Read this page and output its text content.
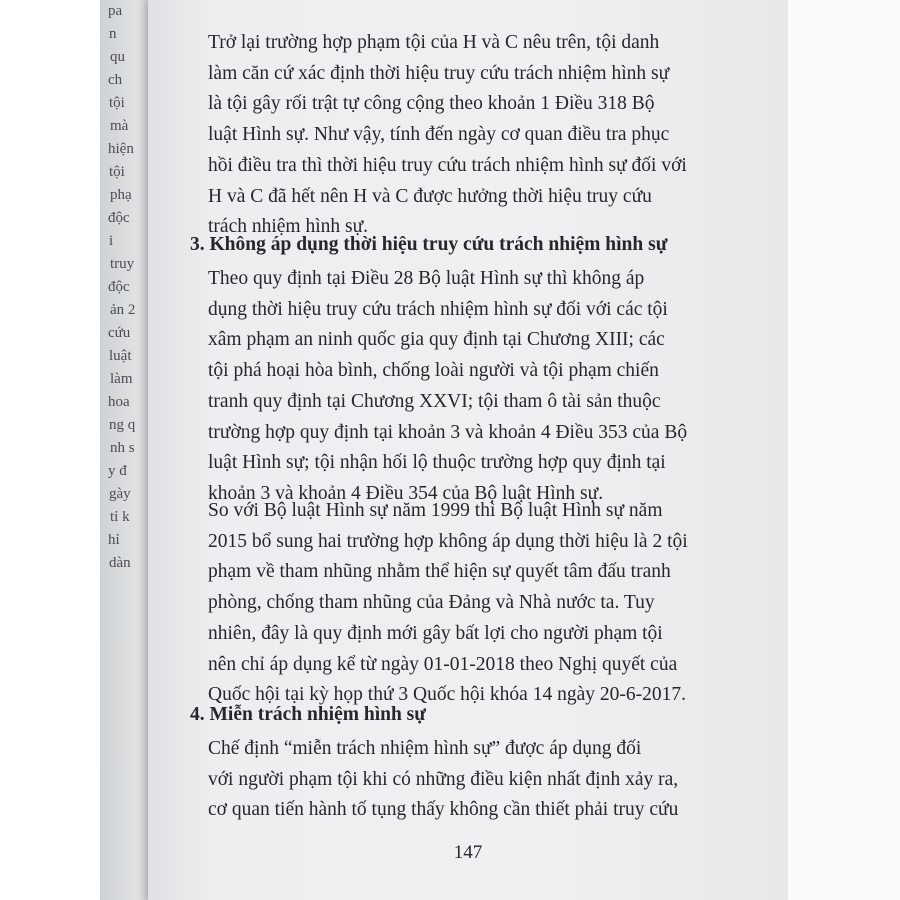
pa
n
qu
ch
tội
mà
hiện
tội
phạ
độc
i
truy
độc
ản 2
cứu
luật
làm
hoa
ng q
nh s
y đ
gày
tỉ k
hỉ
dàn
Trở lại trường hợp phạm tội của H và C nêu trên, tội danh
làm căn cứ xác định thời hiệu truy cứu trách nhiệm hình sự
là tội gây rối trật tự công cộng theo khoản 1 Điều 318 Bộ
luật Hình sự. Như vậy, tính đến ngày cơ quan điều tra phục
hồi điều tra thì thời hiệu truy cứu trách nhiệm hình sự đối với
H và C đã hết nên H và C được hưởng thời hiệu truy cứu
trách nhiệm hình sự.
3. Không áp dụng thời hiệu truy cứu trách nhiệm hình sự
Theo quy định tại Điều 28 Bộ luật Hình sự thì không áp
dụng thời hiệu truy cứu trách nhiệm hình sự đối với các tội
xâm phạm an ninh quốc gia quy định tại Chương XIII; các
tội phá hoại hòa bình, chống loài người và tội phạm chiến
tranh quy định tại Chương XXVI; tội tham ô tài sản thuộc
trường hợp quy định tại khoản 3 và khoản 4 Điều 353 của Bộ
luật Hình sự; tội nhận hối lộ thuộc trường hợp quy định tại
khoản 3 và khoản 4 Điều 354 của Bộ luật Hình sự.
So với Bộ luật Hình sự năm 1999 thì Bộ luật Hình sự năm
2015 bổ sung hai trường hợp không áp dụng thời hiệu là 2 tội
phạm về tham nhũng nhằm thể hiện sự quyết tâm đấu tranh
phòng, chống tham nhũng của Đảng và Nhà nước ta. Tuy
nhiên, đây là quy định mới gây bất lợi cho người phạm tội
nên chỉ áp dụng kể từ ngày 01-01-2018 theo Nghị quyết của
Quốc hội tại kỳ họp thứ 3 Quốc hội khóa 14 ngày 20-6-2017.
4. Miễn trách nhiệm hình sự
Chế định “miễn trách nhiệm hình sự” được áp dụng đối
với người phạm tội khi có những điều kiện nhất định xảy ra,
cơ quan tiến hành tố tụng thấy không cần thiết phải truy cứu
147
